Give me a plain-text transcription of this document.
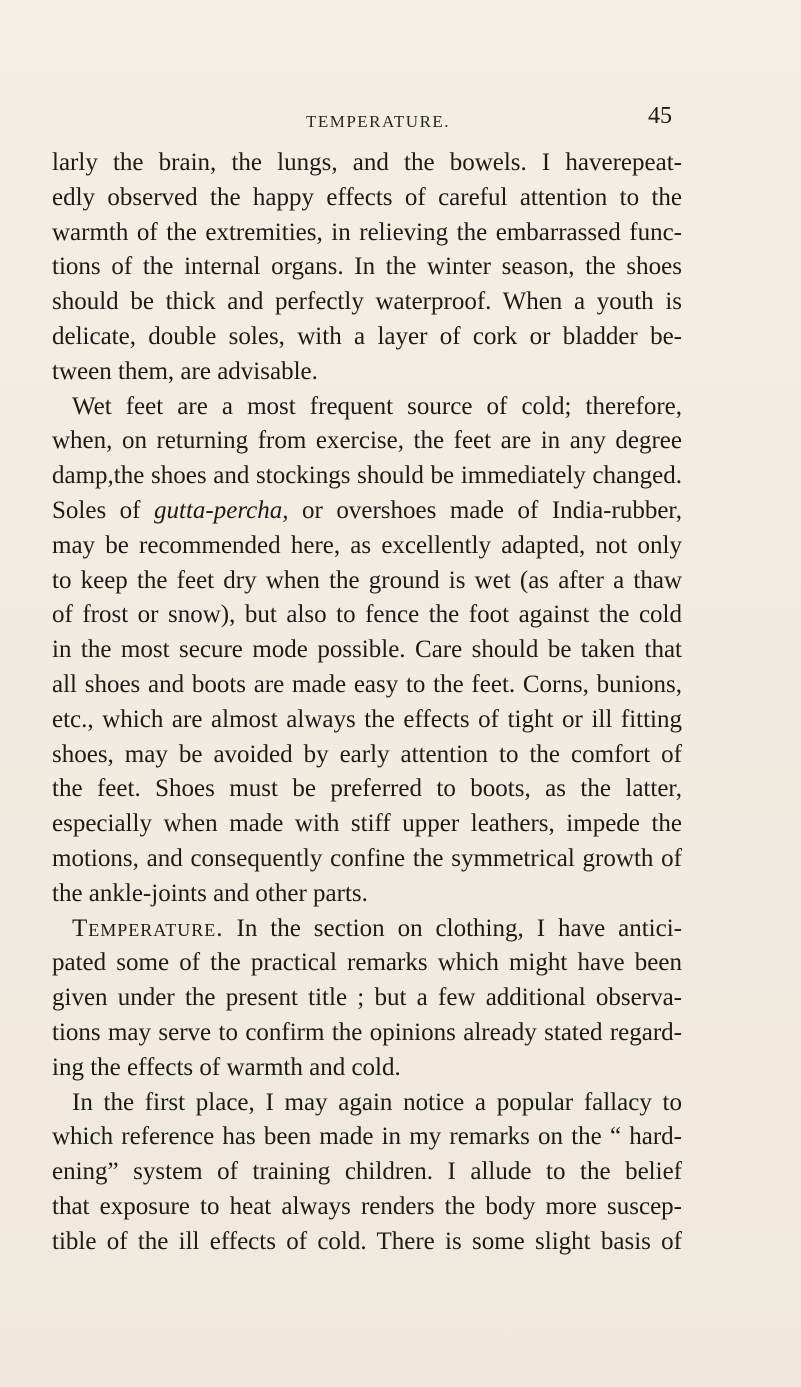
TEMPERATURE.	45
larly the brain, the lungs, and the bowels. I haverepeat-
edly observed the happy effects of careful attention to the
warmth of the extremities, in relieving the embarrassed func-
tions of the internal organs. In the winter season, the shoes
should be thick and perfectly waterproof. When a youth is
delicate, double soles, with a layer of cork or bladder be-
tween them, are advisable.
Wet feet are a most frequent source of cold; therefore,
when, on returning from exercise, the feet are in any degree
damp,the shoes and stockings should be immediately changed.
Soles of gutta-percha, or overshoes made of India-rubber,
may be recommended here, as excellently adapted, not only
to keep the feet dry when the ground is wet (as after a thaw
of frost or snow), but also to fence the foot against the cold
in the most secure mode possible. Care should be taken that
all shoes and boots are made easy to the feet. Corns, bunions,
etc., which are almost always the effects of tight or ill fitting
shoes, may be avoided by early attention to the comfort of
the feet. Shoes must be preferred to boots, as the latter,
especially when made with stiff upper leathers, impede the
motions, and consequently confine the symmetrical growth of
the ankle-joints and other parts.
Temperature. In the section on clothing, I have antici-
pated some of the practical remarks which might have been
given under the present title ; but a few additional observa-
tions may serve to confirm the opinions already stated regard-
ing the effects of warmth and cold.
In the first place, I may again notice a popular fallacy to
which reference has been made in my remarks on the “ hard-
ening” system of training children. I allude to the belief
that exposure to heat always renders the body more suscep-
tible of the ill effects of cold. There is some slight basis of
